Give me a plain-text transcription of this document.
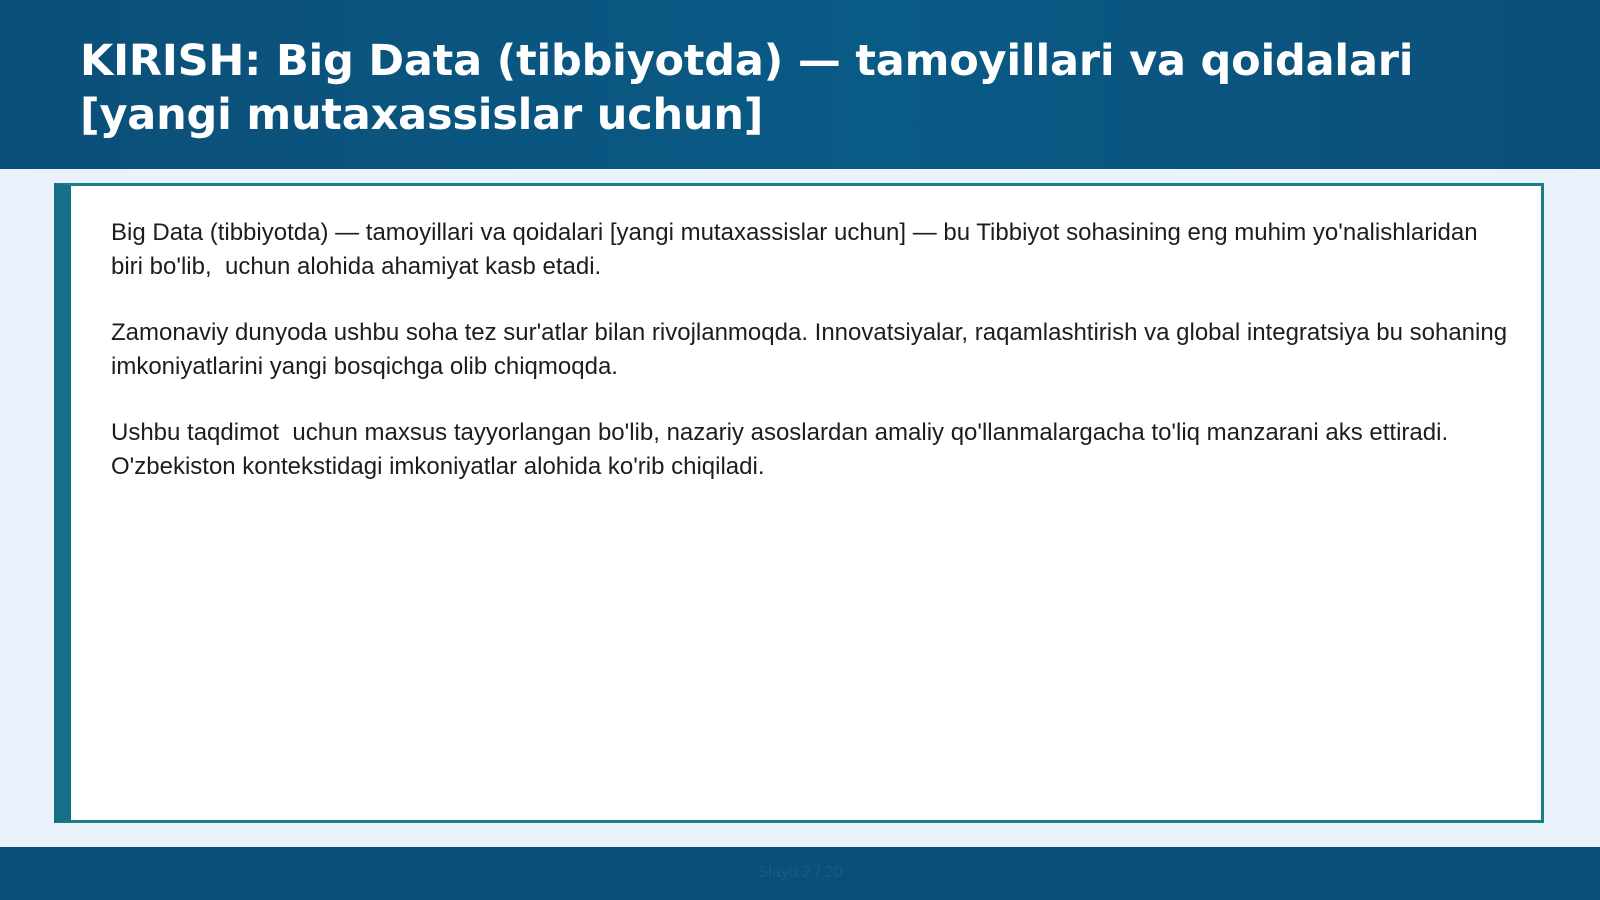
KIRISH: Big Data (tibbiyotda) — tamoyillari va qoidalari [yangi mutaxassislar uchun]

Big Data (tibbiyotda) — tamoyillari va qoidalari [yangi mutaxassislar uchun] — bu Tibbiyot sohasining eng muhim yo'nalishlaridan biri bo'lib,  uchun alohida ahamiyat kasb etadi.

Zamonaviy dunyoda ushbu soha tez sur'atlar bilan rivojlanmoqda. Innovatsiyalar, raqamlashtirish va global integratsiya bu sohaning imkoniyatlarini yangi bosqichga olib chiqmoqda.

Ushbu taqdimot  uchun maxsus tayyorlangan bo'lib, nazariy asoslardan amaliy qo'llanmalargacha to'liq manzarani aks ettiradi. O'zbekiston kontekstidagi imkoniyatlar alohida ko'rib chiqiladi.

Slayd 2 / 20
